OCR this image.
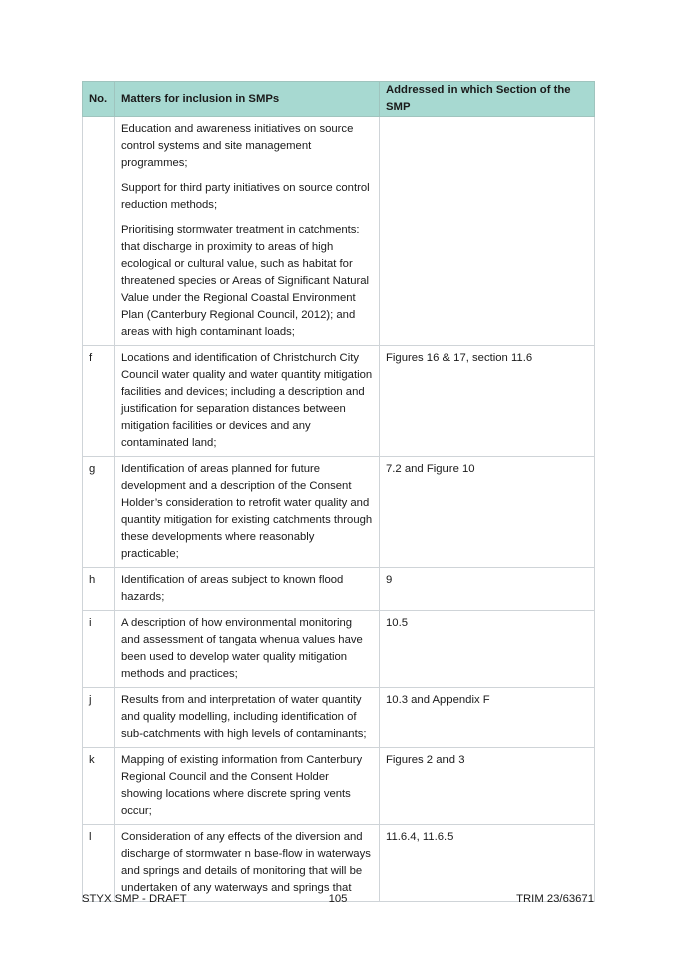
No.	Matters for inclusion in SMPs	Addressed in which Section of the SMP

	Education and awareness initiatives on source control systems and site management programmes;

Support for third party initiatives on source control reduction methods;

Prioritising stormwater treatment in catchments: that discharge in proximity to areas of high ecological or cultural value, such as habitat for threatened species or Areas of Significant Natural Value under the Regional Coastal Environment Plan (Canterbury Regional Council, 2012); and areas with high contaminant loads;	

f	Locations and identification of Christchurch City Council water quality and water quantity mitigation facilities and devices; including a description and justification for separation distances between mitigation facilities or devices and any contaminated land;	Figures 16 & 17, section 11.6
g	Identification of areas planned for future development and a description of the Consent Holder’s consideration to retrofit water quality and quantity mitigation for existing catchments through these developments where reasonably practicable;	7.2 and Figure 10
h	Identification of areas subject to known flood hazards;	9
i	A description of how environmental monitoring and assessment of tangata whenua values have been used to develop water quality mitigation methods and practices;	10.5
j	Results from and interpretation of water quantity and quality modelling, including identification of sub-catchments with high levels of contaminants;	10.3 and Appendix F
k	Mapping of existing information from Canterbury Regional Council and the Consent Holder showing locations where discrete spring vents occur;	Figures 2 and 3
l	Consideration of any effects of the diversion and discharge of stormwater n base-flow in waterways and springs and details of monitoring that will be undertaken of any waterways and springs that	11.6.4, 11.6.5
STYX SMP - DRAFT	105	TRIM 23/63671
